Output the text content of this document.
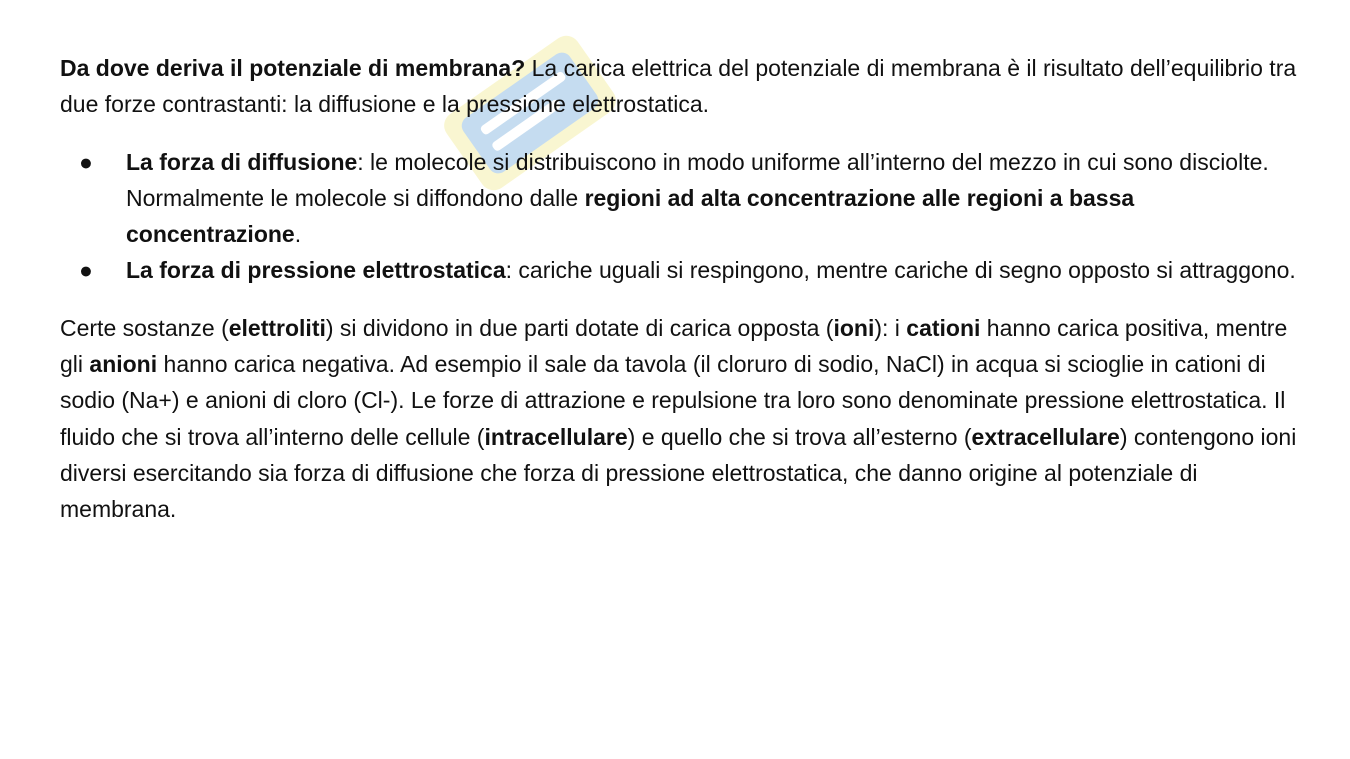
Da dove deriva il potenziale di membrana? La carica elettrica del potenziale di membrana è il risultato dell’equilibrio tra due forze contrastanti: la diffusione e la pressione elettrostatica.

● La forza di diffusione: le molecole si distribuiscono in modo uniforme all’interno del mezzo in cui sono disciolte. Normalmente le molecole si diffondono dalle regioni ad alta concentrazione alle regioni a bassa concentrazione.
● La forza di pressione elettrostatica: cariche uguali si respingono, mentre cariche di segno opposto si attraggono.

Certe sostanze (elettroliti) si dividono in due parti dotate di carica opposta (ioni): i cationi hanno carica positiva, mentre gli anioni hanno carica negativa. Ad esempio il sale da tavola (il cloruro di sodio, NaCl) in acqua si scioglie in cationi di sodio (Na+) e anioni di cloro (Cl-). Le forze di attrazione e repulsione tra loro sono denominate pressione elettrostatica. Il fluido che si trova all’interno delle cellule (intracellulare) e quello che si trova all’esterno (extracellulare) contengono ioni diversi esercitando sia forza di diffusione che forza di pressione elettrostatica, che danno origine al potenziale di membrana.
